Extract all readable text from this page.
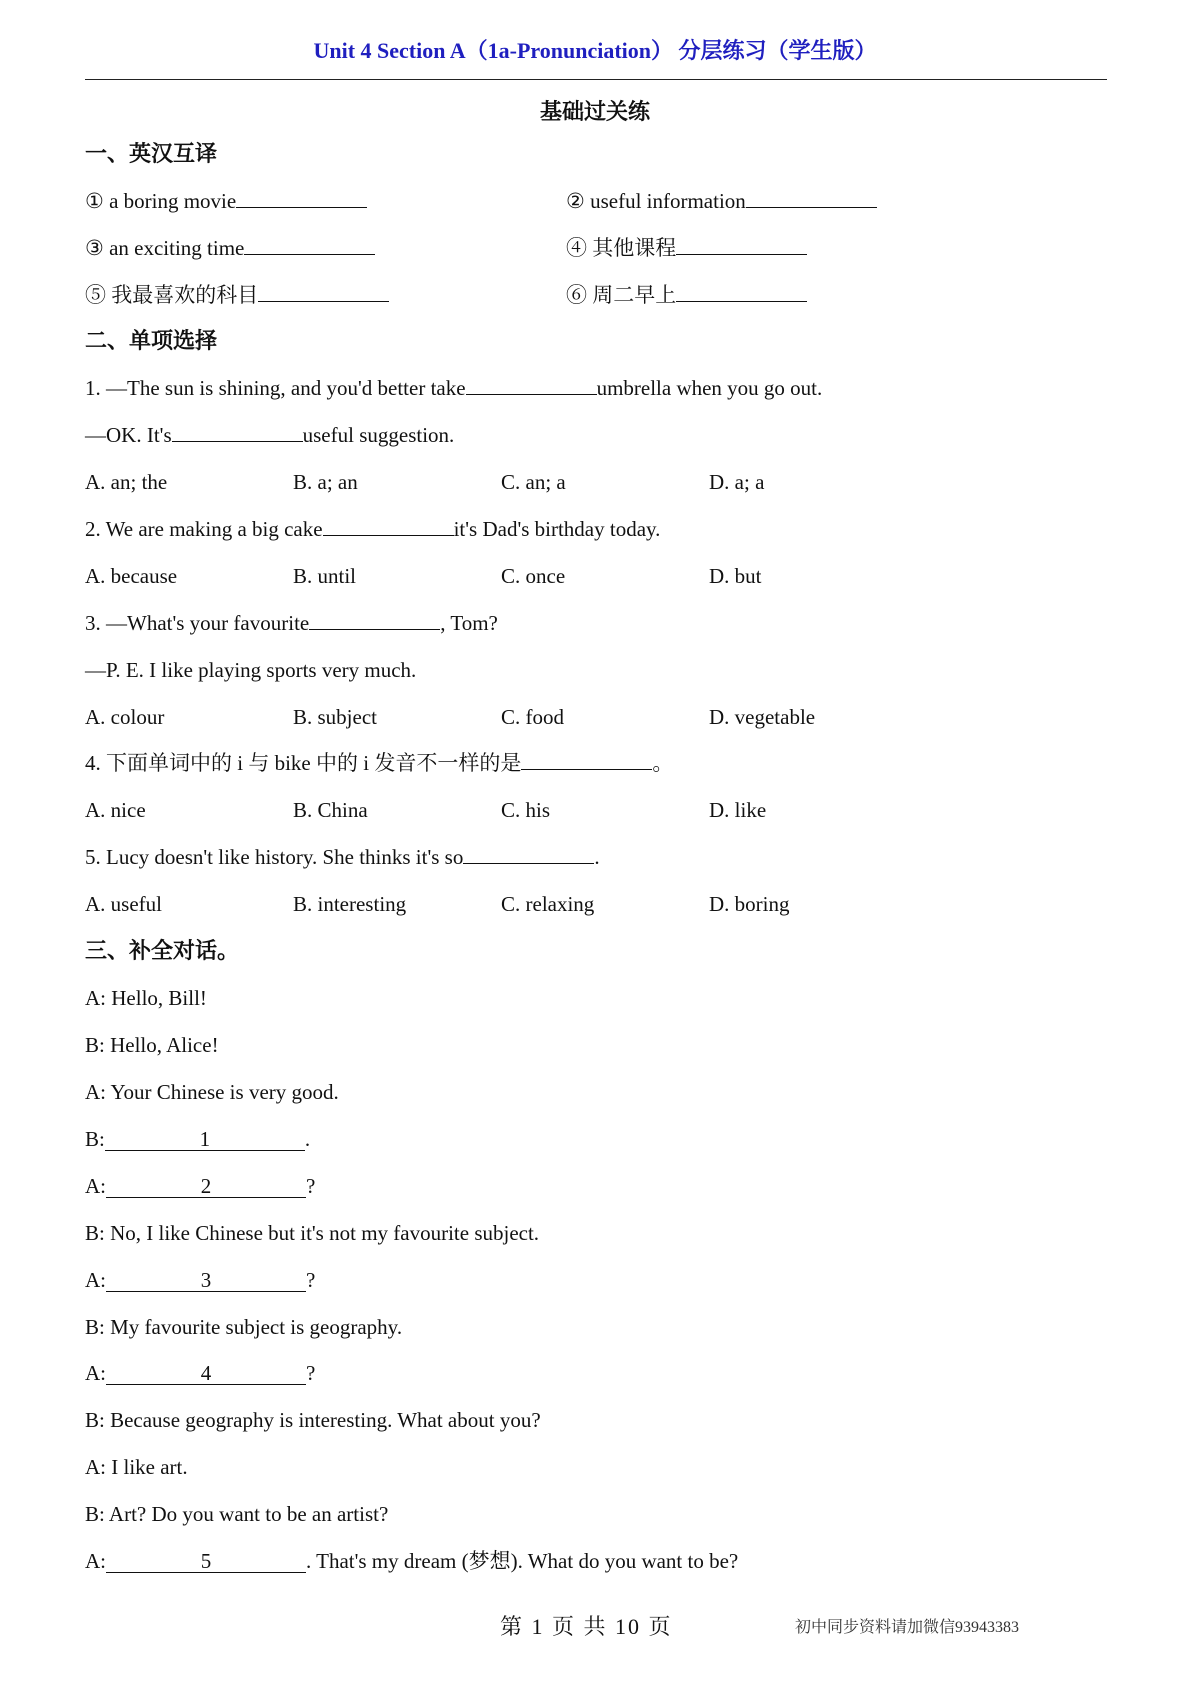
Unit 4 Section A（1a-Pronunciation） 分层练习（学生版）
基础过关练
一、英汉互译
① a boring movie	② useful information
③ an exciting time	④ 其他课程
⑤ 我最喜欢的科目	⑥ 周二早上
二、单项选择
1. —The sun is shining, and you'd better take	umbrella when you go out.
—OK. It's	useful suggestion.
A. an; the	B. a; an	C. an; a	D. a; a
2. We are making a big cake	it's Dad's birthday today.
A. because	B. until	C. once	D. but
3. —What's your favourite	, Tom?
—P. E. I like playing sports very much.
A. colour	B. subject	C. food	D. vegetable
4. 下面单词中的 i 与 bike 中的 i 发音不一样的是	。
A. nice	B. China	C. his	D. like
5. Lucy doesn't like history. She thinks it's so	.
A. useful	B. interesting	C. relaxing	D. boring
三、补全对话。
A: Hello, Bill!
B: Hello, Alice!
A: Your Chinese is very good.
B:	1	.
A:	2	?
B: No, I like Chinese but it's not my favourite subject.
A:	3	?
B: My favourite subject is geography.
A:	4	?
B: Because geography is interesting. What about you?
A: I like art.
B: Art? Do you want to be an artist?
A:	5	. That's my dream (梦想). What do you want to be?
第 1 页 共 10 页	初中同步资料请加微信93943383
